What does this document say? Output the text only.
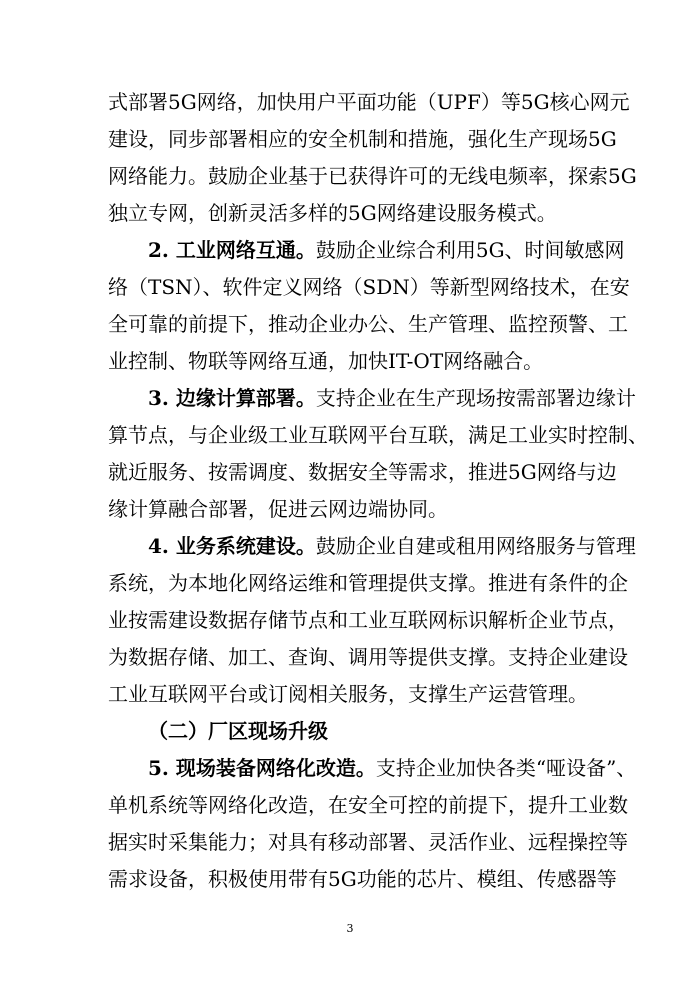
式部署5G网络，加快用户平面功能（UPF）等5G核心网元
建设，同步部署相应的安全机制和措施，强化生产现场5G
网络能力。鼓励企业基于已获得许可的无线电频率，探索5G
独立专网，创新灵活多样的5G网络建设服务模式。
2. 工业网络互通。鼓励企业综合利用5G、时间敏感网
络（TSN）、软件定义网络（SDN）等新型网络技术，在安
全可靠的前提下，推动企业办公、生产管理、监控预警、工
业控制、物联等网络互通，加快IT-OT网络融合。
3. 边缘计算部署。支持企业在生产现场按需部署边缘计
算节点，与企业级工业互联网平台互联，满足工业实时控制、
就近服务、按需调度、数据安全等需求，推进5G网络与边
缘计算融合部署，促进云网边端协同。
4. 业务系统建设。鼓励企业自建或租用网络服务与管理
系统，为本地化网络运维和管理提供支撑。推进有条件的企
业按需建设数据存储节点和工业互联网标识解析企业节点，
为数据存储、加工、查询、调用等提供支撑。支持企业建设
工业互联网平台或订阅相关服务，支撑生产运营管理。
（二）厂区现场升级
5. 现场装备网络化改造。支持企业加快各类“哑设备”、
单机系统等网络化改造，在安全可控的前提下，提升工业数
据实时采集能力；对具有移动部署、灵活作业、远程操控等
需求设备，积极使用带有5G功能的芯片、模组、传感器等
3
